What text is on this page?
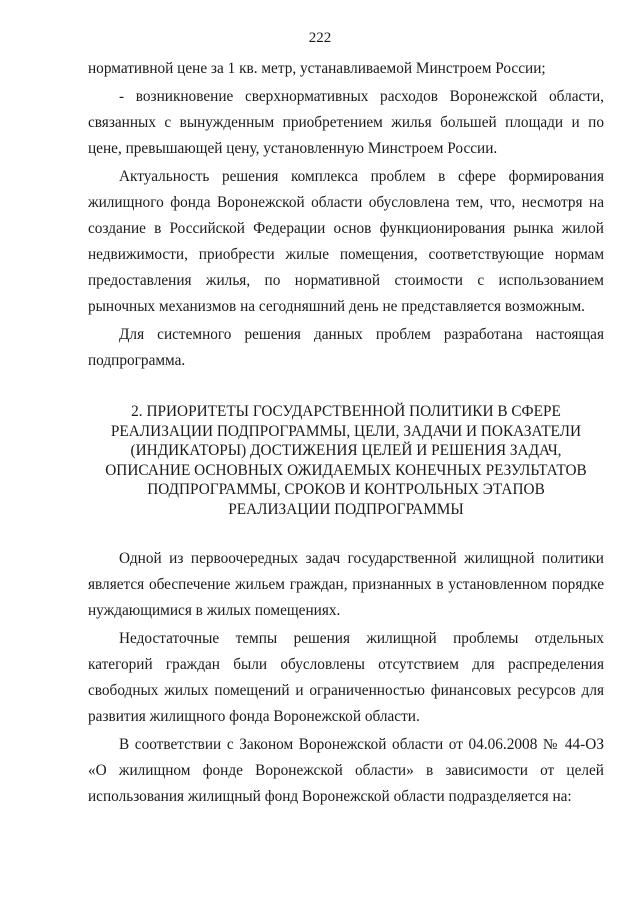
222

нормативной цене за 1 кв. метр, устанавливаемой Минстроем России;

- возникновение сверхнормативных расходов Воронежской области, связанных с вынужденным приобретением жилья большей площади и по цене, превышающей цену, установленную Минстроем России.

Актуальность решения комплекса проблем в сфере формирования жилищного фонда Воронежской области обусловлена тем, что, несмотря на создание в Российской Федерации основ функционирования рынка жилой недвижимости, приобрести жилые помещения, соответствующие нормам предоставления жилья, по нормативной стоимости с использованием рыночных механизмов на сегодняшний день не представляется возможным.

Для системного решения данных проблем разработана настоящая подпрограмма.

2. ПРИОРИТЕТЫ ГОСУДАРСТВЕННОЙ ПОЛИТИКИ В СФЕРЕ
РЕАЛИЗАЦИИ ПОДПРОГРАММЫ, ЦЕЛИ, ЗАДАЧИ И ПОКАЗАТЕЛИ
(ИНДИКАТОРЫ) ДОСТИЖЕНИЯ ЦЕЛЕЙ И РЕШЕНИЯ ЗАДАЧ,
ОПИСАНИЕ ОСНОВНЫХ ОЖИДАЕМЫХ КОНЕЧНЫХ РЕЗУЛЬТАТОВ
ПОДПРОГРАММЫ, СРОКОВ И КОНТРОЛЬНЫХ ЭТАПОВ
РЕАЛИЗАЦИИ ПОДПРОГРАММЫ

Одной из первоочередных задач государственной жилищной политики является обеспечение жильем граждан, признанных в установленном порядке нуждающимися в жилых помещениях.

Недостаточные темпы решения жилищной проблемы отдельных категорий граждан были обусловлены отсутствием для распределения свободных жилых помещений и ограниченностью финансовых ресурсов для развития жилищного фонда Воронежской области.

В соответствии с Законом Воронежской области от 04.06.2008 № 44-ОЗ «О жилищном фонде Воронежской области» в зависимости от целей использования жилищный фонд Воронежской области подразделяется на:
